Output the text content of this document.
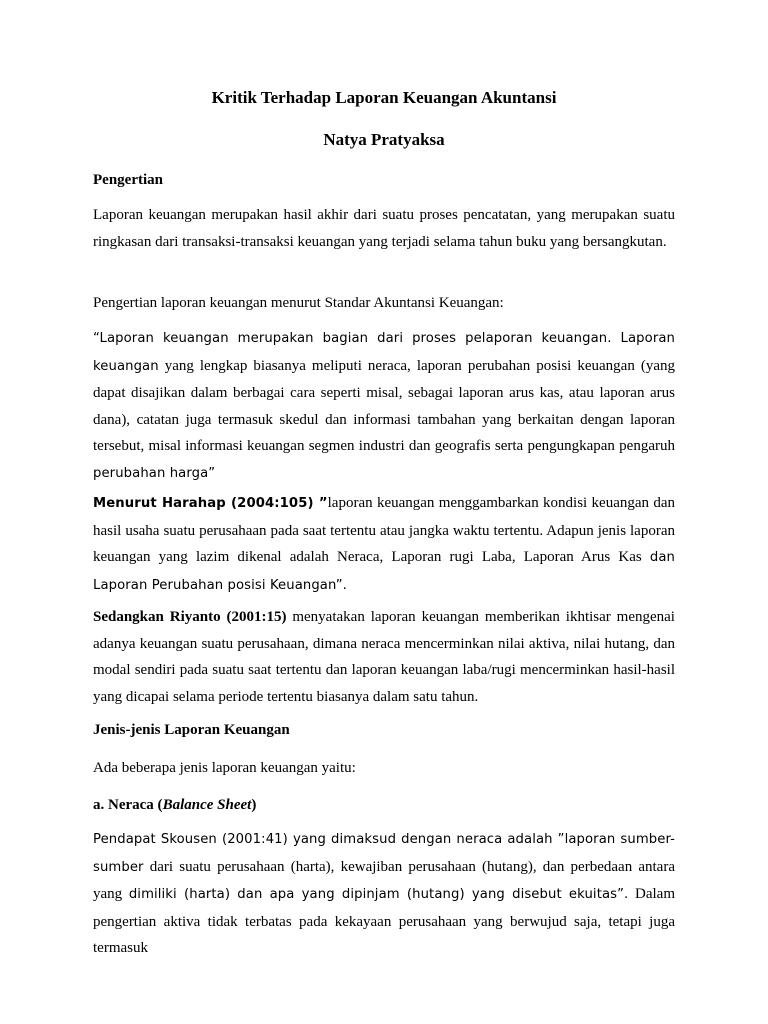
Kritik Terhadap Laporan Keuangan Akuntansi
Natya Pratyaksa
Pengertian

Laporan keuangan merupakan hasil akhir dari suatu proses pencatatan, yang merupakan suatu ringkasan dari transaksi-transaksi keuangan yang terjadi selama tahun buku yang bersangkutan.

Pengertian laporan keuangan menurut Standar Akuntansi Keuangan:

“Laporan keuangan merupakan bagian dari proses pelaporan keuangan. Laporan keuangan yang lengkap biasanya meliputi neraca, laporan perubahan posisi keuangan (yang dapat disajikan dalam berbagai cara seperti misal, sebagai laporan arus kas, atau laporan arus dana), catatan juga termasuk skedul dan informasi tambahan yang berkaitan dengan laporan tersebut, misal informasi keuangan segmen industri dan geografis serta pengungkapan pengaruh perubahan harga”

Menurut Harahap (2004:105) ”laporan keuangan menggambarkan kondisi keuangan dan hasil usaha suatu perusahaan pada saat tertentu atau jangka waktu tertentu. Adapun jenis laporan keuangan yang lazim dikenal adalah Neraca, Laporan rugi Laba, Laporan Arus Kas dan Laporan Perubahan posisi Keuangan”.

Sedangkan Riyanto (2001:15) menyatakan laporan keuangan memberikan ikhtisar mengenai adanya keuangan suatu perusahaan, dimana neraca mencerminkan nilai aktiva, nilai hutang, dan modal sendiri pada suatu saat tertentu dan laporan keuangan laba/rugi mencerminkan hasil-hasil yang dicapai selama periode tertentu biasanya dalam satu tahun.

Jenis-jenis Laporan Keuangan

Ada beberapa jenis laporan keuangan yaitu:

a. Neraca (Balance Sheet)

Pendapat Skousen (2001:41) yang dimaksud dengan neraca adalah ”laporan sumber-sumber dari suatu perusahaan (harta), kewajiban perusahaan (hutang), dan perbedaan antara yang dimiliki (harta) dan apa yang dipinjam (hutang) yang disebut ekuitas”. Dalam pengertian aktiva tidak terbatas pada kekayaan perusahaan yang berwujud saja, tetapi juga termasuk
